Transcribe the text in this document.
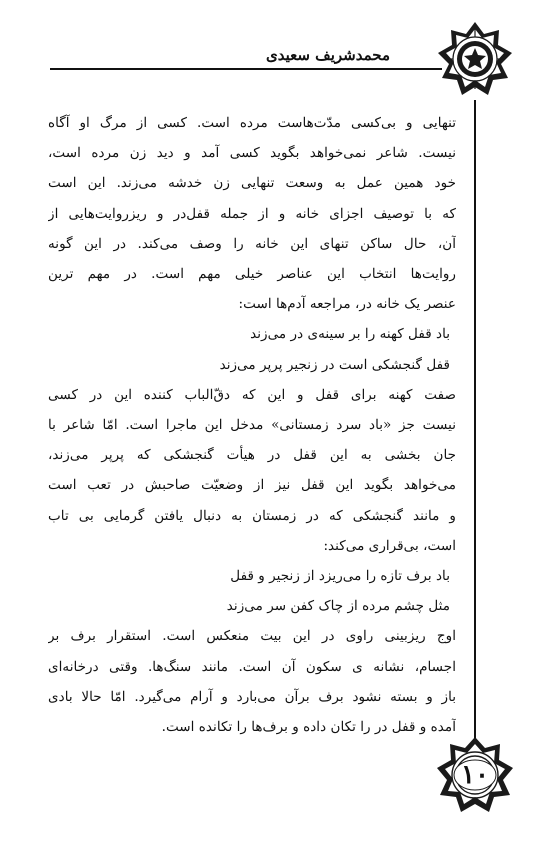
محمدشریف سعیدی
۱۰
تنهایی و بی‌کسی مدّت‌هاست مرده است. کسی از مرگ او آگاه
نیست. شاعر نمی‌خواهد بگوید کسی آمد و دید زن مرده است،
خود همین عمل به وسعت تنهایی زن خدشه می‌زند. این است
که با توصیف اجزای خانه و از جمله قفل‌در و ریزروایت‌هایی از
آن، حال ساکن تنهای این خانه را وصف می‌کند. در این گونه
روایت‌ها انتخاب این عناصر خیلی مهم است. در مهم ترین
عنصر یک خانه در، مراجعه آدم‌ها است:
باد قفل کهنه را بر سینه‌ی در می‌زند
قفل گنجشکی است در زنجیر پرپر می‌زند
صفت کهنه برای قفل و این که دقّ‌الباب کننده این در کسی
نیست جز «باد سرد زمستانی» مدخل این ماجرا است. امّا شاعر با
جان بخشی به این قفل در هیأت گنجشکی که پرپر می‌زند،
می‌خواهد بگوید این قفل نیز از وضعیّت صاحبش در تعب است
و مانند گنجشکی که در زمستان به دنبال یافتن گرمایی بی تاب
است، بی‌قراری می‌کند:
باد برف تازه را می‌ریزد از زنجیر و قفل
مثل چشم مرده از چاک کفن سر می‌زند
اوج ریزبینی راوی در این بیت منعکس است. استقرار برف بر
اجسام، نشانه ی سکون آن است. مانند سنگ‌ها. وقتی درخانه‌ای
باز و بسته نشود برف برآن می‌بارد و آرام می‌گیرد. امّا حالا بادی
آمده و قفل در را تکان داده و برف‌ها را تکانده است.
